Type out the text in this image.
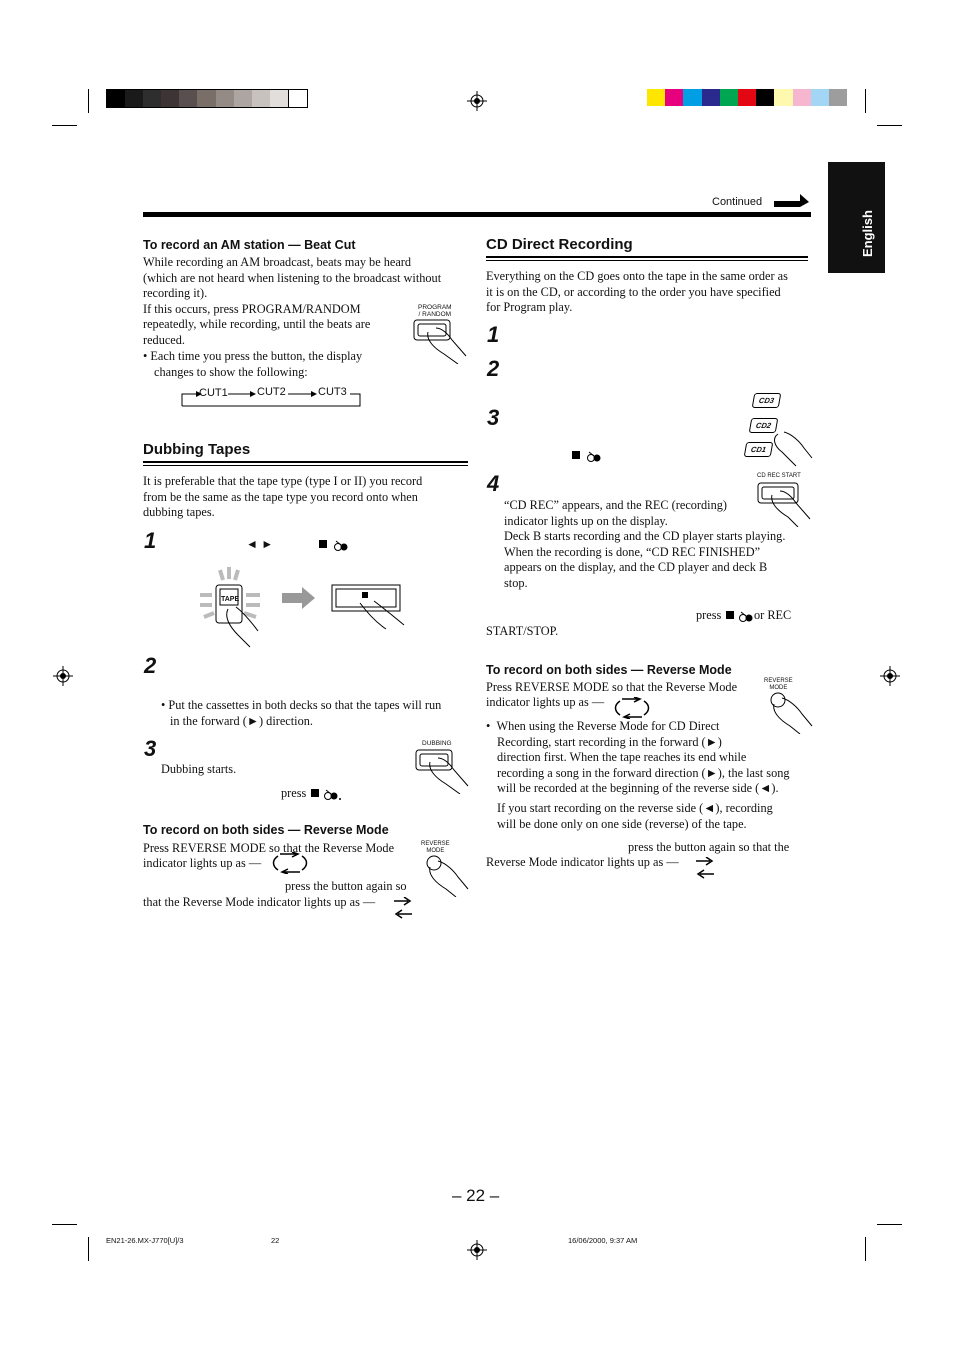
English
Continued
To record an AM station — Beat Cut
While recording an AM broadcast, beats may be heard
(which are not heard when listening to the broadcast without
recording it).
If this occurs, press PROGRAM/RANDOM
repeatedly, while recording, until the beats are
reduced.
• Each time you press the button, the display
changes to show the following:
PROGRAM
/ RANDOM
CUT1	CUT2	CUT3
Dubbing Tapes
It is preferable that the tape type (type I or II) you record
from be the same as the tape type you record onto when
dubbing tapes.
1	◄ ►
TAPE
2
• Put the cassettes in both decks so that the tapes will run
in the forward (►) direction.
3
Dubbing starts.
press
DUBBING
To record on both sides — Reverse Mode
Press REVERSE MODE so that the Reverse Mode
indicator lights up as —
press the button again so
that the Reverse Mode indicator lights up as —
REVERSE
MODE
CD Direct Recording
Everything on the CD goes onto the tape in the same order as
it is on the CD, or according to the order you have specified
for Program play.
1
2
3
CD3
CD2
CD1
4	CD REC START
“CD REC” appears, and the REC (recording)
indicator lights up on the display.
Deck B starts recording and the CD player starts playing.
When the recording is done, “CD REC FINISHED”
appears on the display, and the CD player and deck B
stop.
press	or REC
START/STOP.
To record on both sides — Reverse Mode
Press REVERSE MODE so that the Reverse Mode
indicator lights up as —
REVERSE
MODE
•  When using the Reverse Mode for CD Direct
Recording, start recording in the forward (►)
direction first. When the tape reaches its end while
recording a song in the forward direction (►), the last song
will be recorded at the beginning of the reverse side (◄).
If you start recording on the reverse side (◄), recording
will be done only on one side (reverse) of the tape.
press the button again so that the
Reverse Mode indicator lights up as —
– 22 –
EN21-26.MX-J770[U]/3	22	16/06/2000, 9:37 AM
